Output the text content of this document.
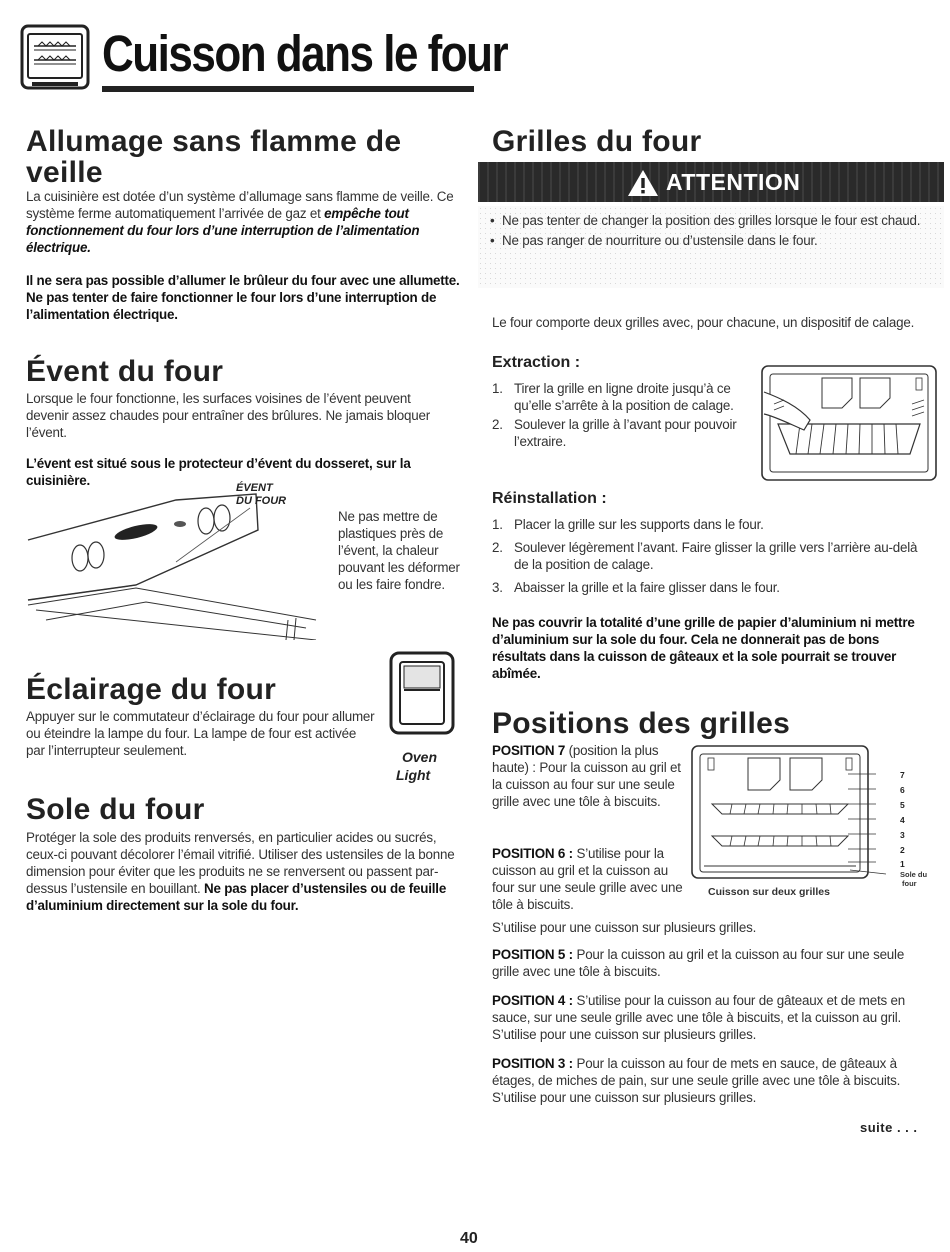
Cuisson dans le four
Allumage sans flamme de veille
La cuisinière est dotée d’un système d’allumage sans flamme de veille. Ce système ferme automatiquement l’arrivée de gaz et empêche tout fonctionnement du four lors d’une interruption de l’alimentation électrique.
Il ne sera pas possible d’allumer le brûleur du four avec une allumette. Ne pas tenter de faire fonctionner le four lors d’une interruption de l’alimentation électrique.
Évent du four
Lorsque le four fonctionne, les surfaces voisines de l’évent peuvent devenir assez chaudes pour entraîner des brûlures. Ne jamais bloquer l’évent.
L’évent est situé sous le protecteur d’évent du dosseret, sur la cuisinière.	ÉVENT
DU FOUR
Ne pas mettre de plastiques près de l’évent, la chaleur pouvant les déformer ou les faire fondre.
Éclairage du four
Appuyer sur le commutateur d’éclairage du four pour allumer ou éteindre la lampe du four. La lampe de four est activée par l’interrupteur seulement.	Oven
Light
Sole du four
Protéger la sole des produits renversés, en particulier acides ou sucrés, ceux-ci pouvant décolorer l’émail vitrifié. Utiliser des ustensiles de la bonne dimension pour éviter que les produits ne se renversent ou passent par-dessus l’ustensile en bouillant. Ne pas placer d’ustensiles ou de feuille d’aluminium directement sur la sole du four.
Grilles du four
ATTENTION
• Ne pas tenter de changer la position des grilles lorsque le four est chaud.
• Ne pas ranger de nourriture ou d’ustensile dans le four.
Le four comporte deux grilles avec, pour chacune, un dispositif de calage.
Extraction :
1. Tirer la grille en ligne droite jusqu’à ce qu’elle s’arrête à la position de calage.
2. Soulever la grille à l’avant pour pouvoir l’extraire.
Réinstallation :
1. Placer la grille sur les supports dans le four.
2. Soulever légèrement l’avant. Faire glisser la grille vers l’arrière au-delà de la position de calage.
3. Abaisser la grille et la faire glisser dans le four.
Ne pas couvrir la totalité d’une grille de papier d’aluminium ni mettre d’aluminium sur la sole du four. Cela ne donnerait pas de bons résultats dans la cuisson de gâteaux et la sole pourrait se trouver abîmée.
Positions des grilles
7
6
5
4
3
2
1
Sole du
four
Cuisson sur deux grilles
POSITION 7 (position la plus haute) : Pour la cuisson au gril et la cuisson au four sur une seule grille avec une tôle à biscuits.
POSITION 6 : S’utilise pour la cuisson au gril et la cuisson au four sur une seule grille avec une tôle à biscuits.
S’utilise pour une cuisson sur plusieurs grilles.
POSITION 5 : Pour la cuisson au gril et la cuisson au four sur une seule grille avec une tôle à biscuits.
POSITION 4 : S’utilise pour la cuisson au four de gâteaux et de mets en sauce, sur une seule grille avec une tôle à biscuits, et la cuisson au gril. S’utilise pour une cuisson sur plusieurs grilles.
POSITION 3 : Pour la cuisson au four de mets en sauce, de gâteaux à étages, de miches de pain, sur une seule grille avec une tôle à biscuits. S’utilise pour une cuisson sur plusieurs grilles.
suite . . .
40
